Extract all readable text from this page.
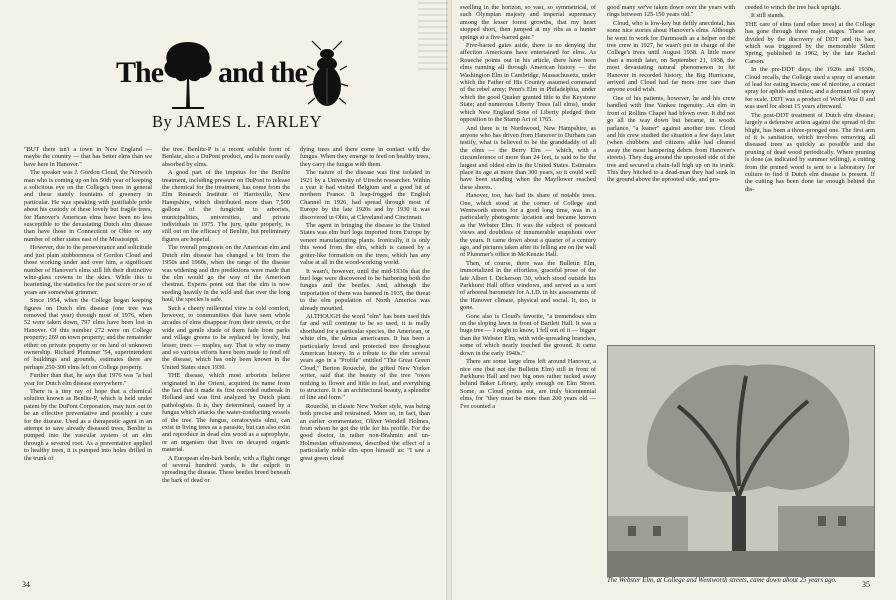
The and the
By JAMES L. FARLEY

"BUT there isn't a town in New England — maybe the country — that has better elms than we have here in Hanover."

The speaker was J. Gordon Cloud, the Norwich man who is coming up on his 50th year of keeping a solicitous eye on the College's trees in general and these stately fountains of greenery in particular. He was speaking with justifiable pride about his custody of these lovely but fragile trees, for Hanover's American elms have been no less susceptible to the devastating Dutch elm disease than have those in Connecticut or Ohio or any number of other states east of the Mississippi.

However, due to the perseverance and solicitude and just plain stubbornness of Gordon Cloud and those working under and over him, a significant number of Hanover's elms still lift their distinctive wine-glass crowns to the skies. While this is heartening, the statistics for the past score or so of years are somewhat grimmer.

Since 1954, when the College began keeping figures on Dutch elm disease (one tree was removed that year) through most of 1976, when 52 were taken down, 797 elms have been lost in Hanover. Of this number 272 were on College property; 269 on town property; and the remainder either on private property or on land of unknown ownership. Richard Plummer '54, superintendent of buildings and grounds, estimates there are perhaps 250-300 elms left on College property.

Further than that, he says that 1976 was "a bad year for Dutch elm disease everywhere."

There is a tiny ray of hope that a chemical solution known as Benlite-P, which is held under patent by the DuPont Corporation, may turn out to be an effective preventative and possibly a cure for the disease. Used as a therapeutic agent in an attempt to save already diseased trees, Benlite is pumped into the vascular system of an elm through a severed root. As a preventative applied to healthy trees, it is pumped into holes drilled in the trunk of

the tree. Benlite-P is a recent soluble form of Benlate, also a DuPont product, and is more easily absorbed by elms.

A good part of the impetus for the Benlite treatment, including pressure on DuPont to release the chemical for the treatment, has come from the Elm Research Institute of Harrisville, New Hampshire, which distributed more than 7,500 gallons of the fungicide to arborists, municipalities, universities, and private individuals in 1975. The jury, quite properly, is still out on the efficacy of Benlite, but preliminary figures are hopeful.

The overall prognosis on the American elm and Dutch elm disease has changed a bit from the 1950s and 1960s, when the range of the disease was widening and dire predictions were made that the elm would go the way of the American chestnut. Experts point out that the elm is now seeding heavily in the wild and that over the long haul, the species is safe.

Such a cheery millennial view is cold comfort, however, to communities that have seen whole arcades of elms disappear from their streets, or the wide and gentle shade of them fade from parks and village greens to be replaced by lovely, but lesser, trees — maples, say. That is why so many and so various efforts have been made to fend off the disease, which has only been known in the United States since 1930.

THE disease, which most arborists believe originated in the Orient, acquired its name from the fact that it made its first recorded outbreak in Holland and was first analyzed by Dutch plant pathologists. It is, they determined, caused by a fungus which attacks the water-conducting vessels of the tree. The fungus, ceratocystis ulmi, can exist in living trees as a parasite, but can also exist and reproduce in dead elm wood as a saprophyte, or an organism that lives on decayed organic material.

A European elm-bark beetle, with a flight range of several hundred yards, is the culprit in spreading the disease. These beetles breed beneath the bark of dead or

dying trees and there come in contact with the fungus. When they emerge to feed on healthy trees, they carry the fungus with them.

The nature of the disease was first isolated in 1921 by a University of Utrecht researcher. Within a year it had visited Belgium and a good bit of northern France. It leap-frogged the English Channel in 1926, had spread through most of Europe by the late 1920s and by 1930 it was discovered in Ohio, at Cleveland and Cincinnati.

The agent in bringing the disease to the United States was elm burl logs imported from Europe by veneer manufacturing plants. Ironically, it is only this wood from the elm, which is caused by a goiter-like formation on the trees, which has any value at all in the wood-working world.

It wasn't, however, until the mid-1930s that the burl logs were discovered to be harboring both the fungus and the beetles. And, although the importation of them was banned in 1935, the threat to the elm population of North America was already mounted.

ALTHOUGH the word "elm" has been used this far and will continue to be so used, it is really shorthand for a particular species, the American, or white elm, the ulmus americanus. It has been a particularly loved and protected tree throughout American history. In a tribute to the elm several years ago in a "Profile" entitled "The Great Green Cloud," Berton Roueché, the gifted New Yorker writer, said that the beauty of the tree "owes nothing to flower and little to leaf, and everything to structure. It is an architectural beauty, a splendor of line and form."

Roueché, in classic New Yorker style, was being both precise and restrained. More so, in fact, than an earlier commentator, Oliver Wendell Holmes, from whom he got the title for his profile. For the good doctor, in rather non-Brahmin and un-Holmesian effusiveness, described the effect of a particularly noble elm upon himself as: "I saw a great green cloud

swelling in the horizon, so vast, so symmetrical, of such Olympian majesty and imperial supremacy among the lesser forest growths, that my heart stopped short, then jumped at my ribs as a hunter springs at a five-barred gate."

Five-barred gates aside, there is no denying the affection Americans have entertained for elms. As Roueché points out in his article, there have been elms running all through American history — the Washington Elm in Cambridge, Massachusetts, under which the Father of His Country assumed command of the rebel army; Penn's Elm in Philadelphia, under which the good Quaker granted title to the Keystone State; and numerous Liberty Trees (all elms), under which New England Sons of Liberty pledged their opposition to the Stamp Act of 1765.

And there is in Northwood, New Hampshire, as anyone who has driven from Hanover to Durham can testify, what is believed to be the granddaddy of all the elms — the Berry Elm — which, with a circumference of more than 24 feet, is said to be the largest and oldest elm in the United States. Estimates place its age at more than 300 years, so it could well have been standing when the Mayflower reached these shores.

Hanover, too, has had its share of notable trees. One, which stood at the corner of College and Wentworth streets for a good long time, was in a particularly photogenic location and became known as the Webster Elm. It was the subject of postcard views and doubtless of innumerable snapshots over the years. It came down about a quarter of a century ago, and pictures taken after its felling are on the wall of Plummer's office in McKenzie Hall.

Then, of course, there was the Bulletin Elm, immortalized in the effortless, graceful prose of the late Albert I. Dickerson '30, which stood outside his Parkhurst Hall office windows, and served as a sort of arboreal barometer for A.I.D. in his assessments of the Hanover climate, physical and social. It, too, is gone.

Gone also is Cloud's favorite, "a tremendous elm on the sloping lawn in front of Bartlett Hall. It was a huge tree — I ought to know, I fell out of it — bigger than the Webster Elm, with wide-spreading branches, some of which nearly touched the ground. It came down in the early 1940s."

There are some large elms left around Hanover, a nice one (but not the Bulletin Elm) still in front of Parkhurst Hall and two big ones rather tucked away behind Baker Library, aptly enough on Elm Street. Some, as Cloud points out, are truly bicentennial elms, for "they must be more than 200 years old — I've counted a

good many we've taken down over the years with rings between 125-150 years old."

Cloud, who is low-key but deftly anecdotal, has some nice stories about Hanover's elms. Although he went to work for Dartmouth as a helper on the tree crew in 1927, he wasn't put in charge of the College's trees until August 1938. A little more than a month later, on September 21, 1938, the most devastating natural phenomenon to hit Hanover in recorded history, the Big Hurricane, arrived and Cloud had far more tree care than anyone could wish.

One of his patients, however, he and his crew handled with fine Yankee ingenuity. An elm in front of Rollins Chapel had blown over. It did not go all the way down but became, in woods parlance, "a leaner" against another tree. Cloud and his crew studied the situation a few days later (when chubbers and citizens alike had cleared away the most hampering debris from Hanover's streets). They dug around the uprooted side of the tree and secured a chain-fall high up on its trunk. This they hitched to a dead-man they had sunk in the ground above the uprooted side, and pro-

ceeded to winch the tree back upright.

It still stands.

THE care of elms (and other trees) at the College has gone through three major stages. These are divided by the discovery of DDT and its ban, which was triggered by the memorable Silent Spring, published in 1962, by the late Rachel Carson.

In the pre-DDT days, the 1920s and 1930s, Cloud recalls, the College used a spray of arsenate of lead for eating insects; one of nicotine, a contact spray for aphids and mites; and a dormant oil spray for scale. DDT was a product of World War II and was used for about 15 years afterward.

The post-DDT treatment of Dutch elm disease, largely a defensive action against the spread of the blight, has been a three-pronged one. The first arm of it is sanitation, which involves removing all diseased trees as quickly as possible and the pruning of dead wood periodically. Where pruning is done (as indicated by summer wilting), a cutting from the pruned wood is sent to a laboratory for culture to find if Dutch elm disease is present. If the cutting has been done far enough behind the dis-

The Webster Elm, at College and Wentworth streets, came down about 25 years ago.
34	35
